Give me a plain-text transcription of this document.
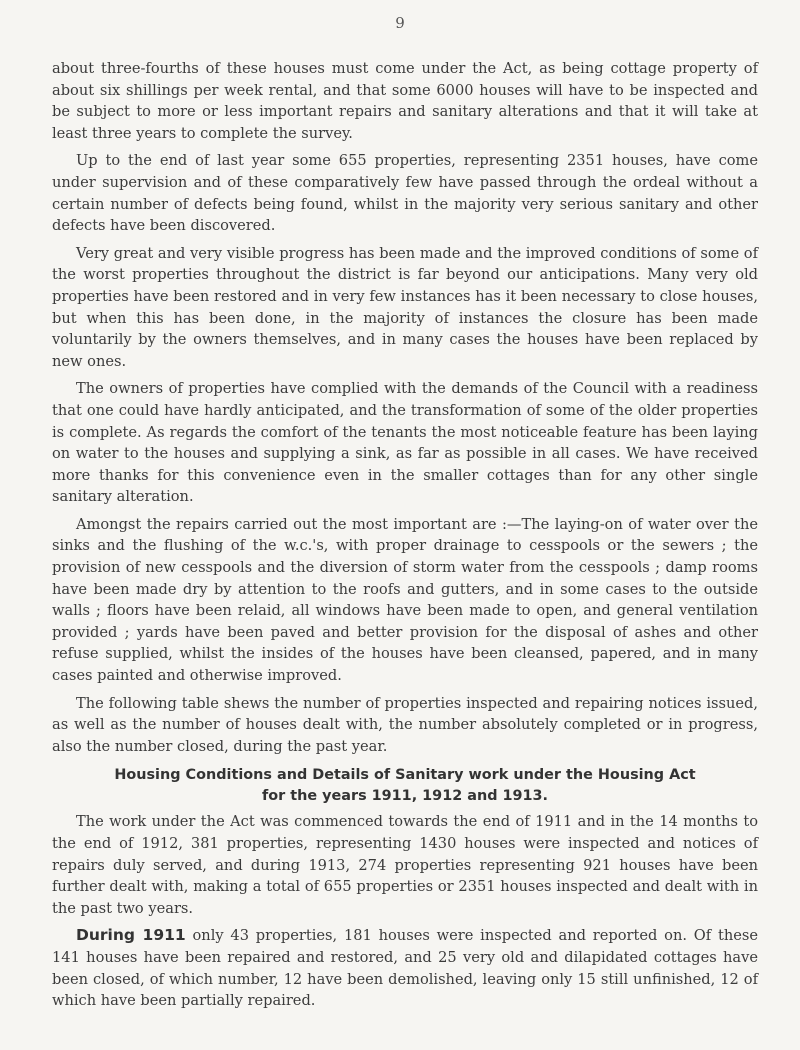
9

about three-fourths of these houses must come under the Act, as being cottage property of about six shillings per week rental, and that some 6000 houses will have to be inspected and be subject to more or less important repairs and sanitary alterations and that it will take at least three years to complete the survey.

Up to the end of last year some 655 properties, representing 2351 houses, have come under supervision and of these comparatively few have passed through the ordeal without a certain number of defects being found, whilst in the majority very serious sanitary and other defects have been discovered.

Very great and very visible progress has been made and the improved conditions of some of the worst properties throughout the district is far beyond our anticipations. Many very old properties have been restored and in very few instances has it been necessary to close houses, but when this has been done, in the majority of instances the closure has been made voluntarily by the owners themselves, and in many cases the houses have been replaced by new ones.

The owners of properties have complied with the demands of the Council with a readiness that one could have hardly anticipated, and the transformation of some of the older properties is complete. As regards the comfort of the tenants the most noticeable feature has been laying on water to the houses and supplying a sink, as far as possible in all cases. We have received more thanks for this convenience even in the smaller cottages than for any other single sanitary alteration.

Amongst the repairs carried out the most important are :—The laying-on of water over the sinks and the flushing of the w.c.'s, with proper drainage to cesspools or the sewers ; the provision of new cesspools and the diversion of storm water from the cesspools ; damp rooms have been made dry by attention to the roofs and gutters, and in some cases to the outside walls ; floors have been relaid, all windows have been made to open, and general ventilation provided ; yards have been paved and better provision for the disposal of ashes and other refuse supplied, whilst the insides of the houses have been cleansed, papered, and in many cases painted and otherwise improved.

The following table shews the number of properties inspected and repairing notices issued, as well as the number of houses dealt with, the number absolutely completed or in progress, also the number closed, during the past year.

Housing Conditions and Details of Sanitary work under the Housing Act
for the years 1911, 1912 and 1913.

The work under the Act was commenced towards the end of 1911 and in the 14 months to the end of 1912, 381 properties, representing 1430 houses were inspected and notices of repairs duly served, and during 1913, 274 properties representing 921 houses have been further dealt with, making a total of 655 properties or 2351 houses inspected and dealt with in the past two years.

During 1911 only 43 properties, 181 houses were inspected and reported on. Of these 141 houses have been repaired and restored, and 25 very old and dilapidated cottages have been closed, of which number, 12 have been demolished, leaving only 15 still unfinished, 12 of which have been partially repaired.
